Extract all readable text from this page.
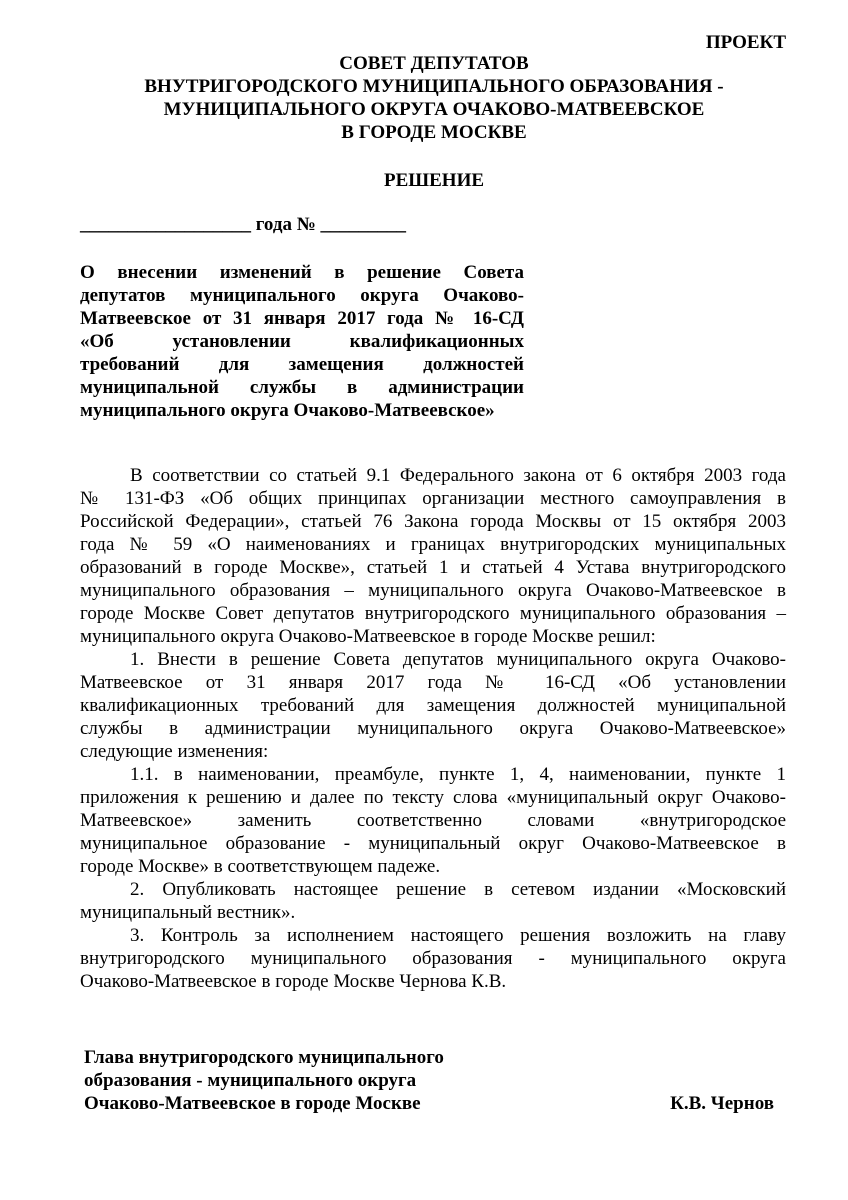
ПРОЕКТ
СОВЕТ ДЕПУТАТОВ
ВНУТРИГОРОДСКОГО МУНИЦИПАЛЬНОГО ОБРАЗОВАНИЯ -
МУНИЦИПАЛЬНОГО ОКРУГА ОЧАКОВО-МАТВЕЕВСКОЕ
В ГОРОДЕ МОСКВЕ
РЕШЕНИЕ
__________________ года № _________
О внесении изменений в решение Совета
депутатов муниципального округа Очаково-
Матвеевское от 31 января 2017 года № 16-СД
«Об установлении квалификационных
требований для замещения должностей
муниципальной службы в администрации
муниципального округа Очаково-Матвеевское»
В соответствии со статьей 9.1 Федерального закона от 6 октября 2003 года
№ 131-ФЗ «Об общих принципах организации местного самоуправления в
Российской Федерации», статьей 76 Закона города Москвы от 15 октября 2003
года № 59 «О наименованиях и границах внутригородских муниципальных
образований в городе Москве», статьей 1 и статьей 4 Устава внутригородского
муниципального образования – муниципального округа Очаково-Матвеевское в
городе Москве Совет депутатов внутригородского муниципального образования –
муниципального округа Очаково-Матвеевское в городе Москве решил:
1. Внести в решение Совета депутатов муниципального округа Очаково-
Матвеевское от 31 января 2017 года № 16-СД «Об установлении
квалификационных требований для замещения должностей муниципальной
службы в администрации муниципального округа Очаково-Матвеевское»
следующие изменения:
1.1. в наименовании, преамбуле, пункте 1, 4, наименовании, пункте 1
приложения к решению и далее по тексту слова «муниципальный округ Очаково-
Матвеевское» заменить соответственно словами «внутригородское
муниципальное образование - муниципальный округ Очаково-Матвеевское в
городе Москве» в соответствующем падеже.
2. Опубликовать настоящее решение в сетевом издании «Московский
муниципальный вестник».
3. Контроль за исполнением настоящего решения возложить на главу
внутригородского муниципального образования - муниципального округа
Очаково-Матвеевское в городе Москве Чернова К.В.
Глава внутригородского муниципального
образования - муниципального округа
Очаково-Матвеевское в городе Москве	К.В. Чернов
